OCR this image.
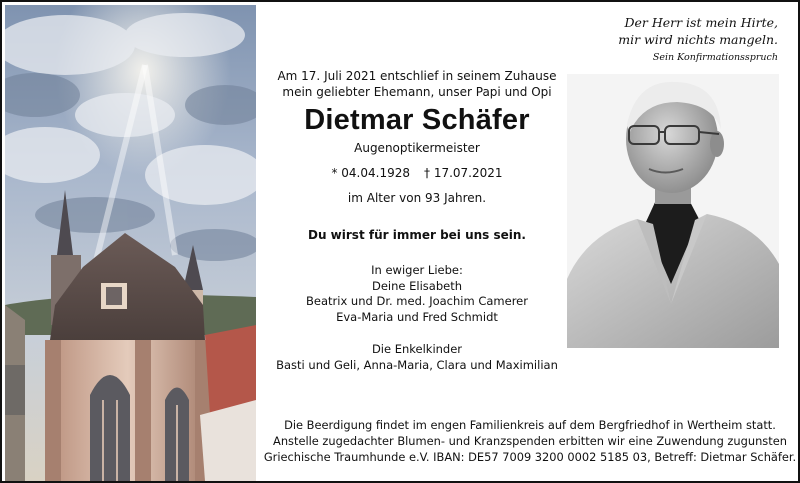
Der Herr ist mein Hirte,
mir wird nichts mangeln.
Sein Konfirmationsspruch
Am 17. Juli 2021 entschlief in seinem Zuhause
mein geliebter Ehemann, unser Papi und Opi
Dietmar Schäfer
Augenoptikermeister
* 04.04.1928 † 17.07.2021
im Alter von 93 Jahren.
Du wirst für immer bei uns sein.
In ewiger Liebe:
Deine Elisabeth
Beatrix und Dr. med. Joachim Camerer
Eva-Maria und Fred Schmidt
Die Enkelkinder
Basti und Geli, Anna-Maria, Clara und Maximilian
Die Beerdigung findet im engen Familienkreis auf dem Bergfriedhof in Wertheim statt.
Anstelle zugedachter Blumen- und Kranzspenden erbitten wir eine Zuwendung zugunsten
Griechische Traumhunde e.V. IBAN: DE57 7009 3200 0002 5185 03, Betreff: Dietmar Schäfer.
